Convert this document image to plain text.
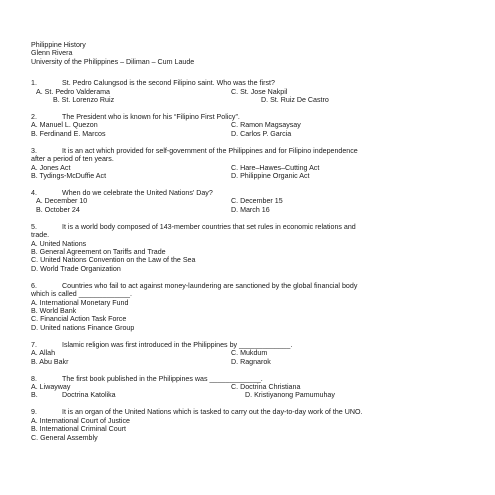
Philippine History
Glenn Rivera
University of the Philippines – Diliman – Cum Laude
1.	St. Pedro Calungsod is the second Filipino saint. Who was the first?
A. St. Pedro Valderama	C. St. Jose Nakpil
B. St. Lorenzo Ruiz	D. St. Ruiz De Castro
2.	The President who is known for his “Filipino First Policy”.
A. Manuel L. Quezon	C. Ramon Magsaysay
B. Ferdinand E. Marcos	D. Carlos P. Garcia
3.	It is an act which provided for self-government of the Philippines and for Filipino independence
after a period of ten years.
A. Jones Act	C. Hare–Hawes–Cutting Act
B. Tydings-McDuffie Act	D. Philippine Organic Act
4.	When do we celebrate the United Nations’ Day?
A. December 10	C. December 15
B. October 24	D. March 16
5.	It is a world body composed of 143-member countries that set rules in economic relations and
trade.
A. United Nations
B. General Agreement on Tariffs and Trade
C. United Nations Convention on the Law of the Sea
D. World Trade Organization
6.	Countries who fail to act against money-laundering are sanctioned by the global financial body
which is called _____________.
A. International Monetary Fund
B. World Bank
C. Financial Action Task Force
D. United nations Finance Group
7.	Islamic religion was first introduced in the Philippines by _____________.
A. Allah	C. Mukdum
B. Abu Bakr	D. Ragnarok
8.	The first book published in the Philippines was _____________.
A. Liwayway	C. Doctrina Christiana
B.	Doctrina Katolika	D. Kristiyanong Pamumuhay
9.	It is an organ of the United Nations which is tasked to carry out the day-to-day work of the UNO.
A. International Court of Justice
B. International Criminal Court
C. General Assembly
